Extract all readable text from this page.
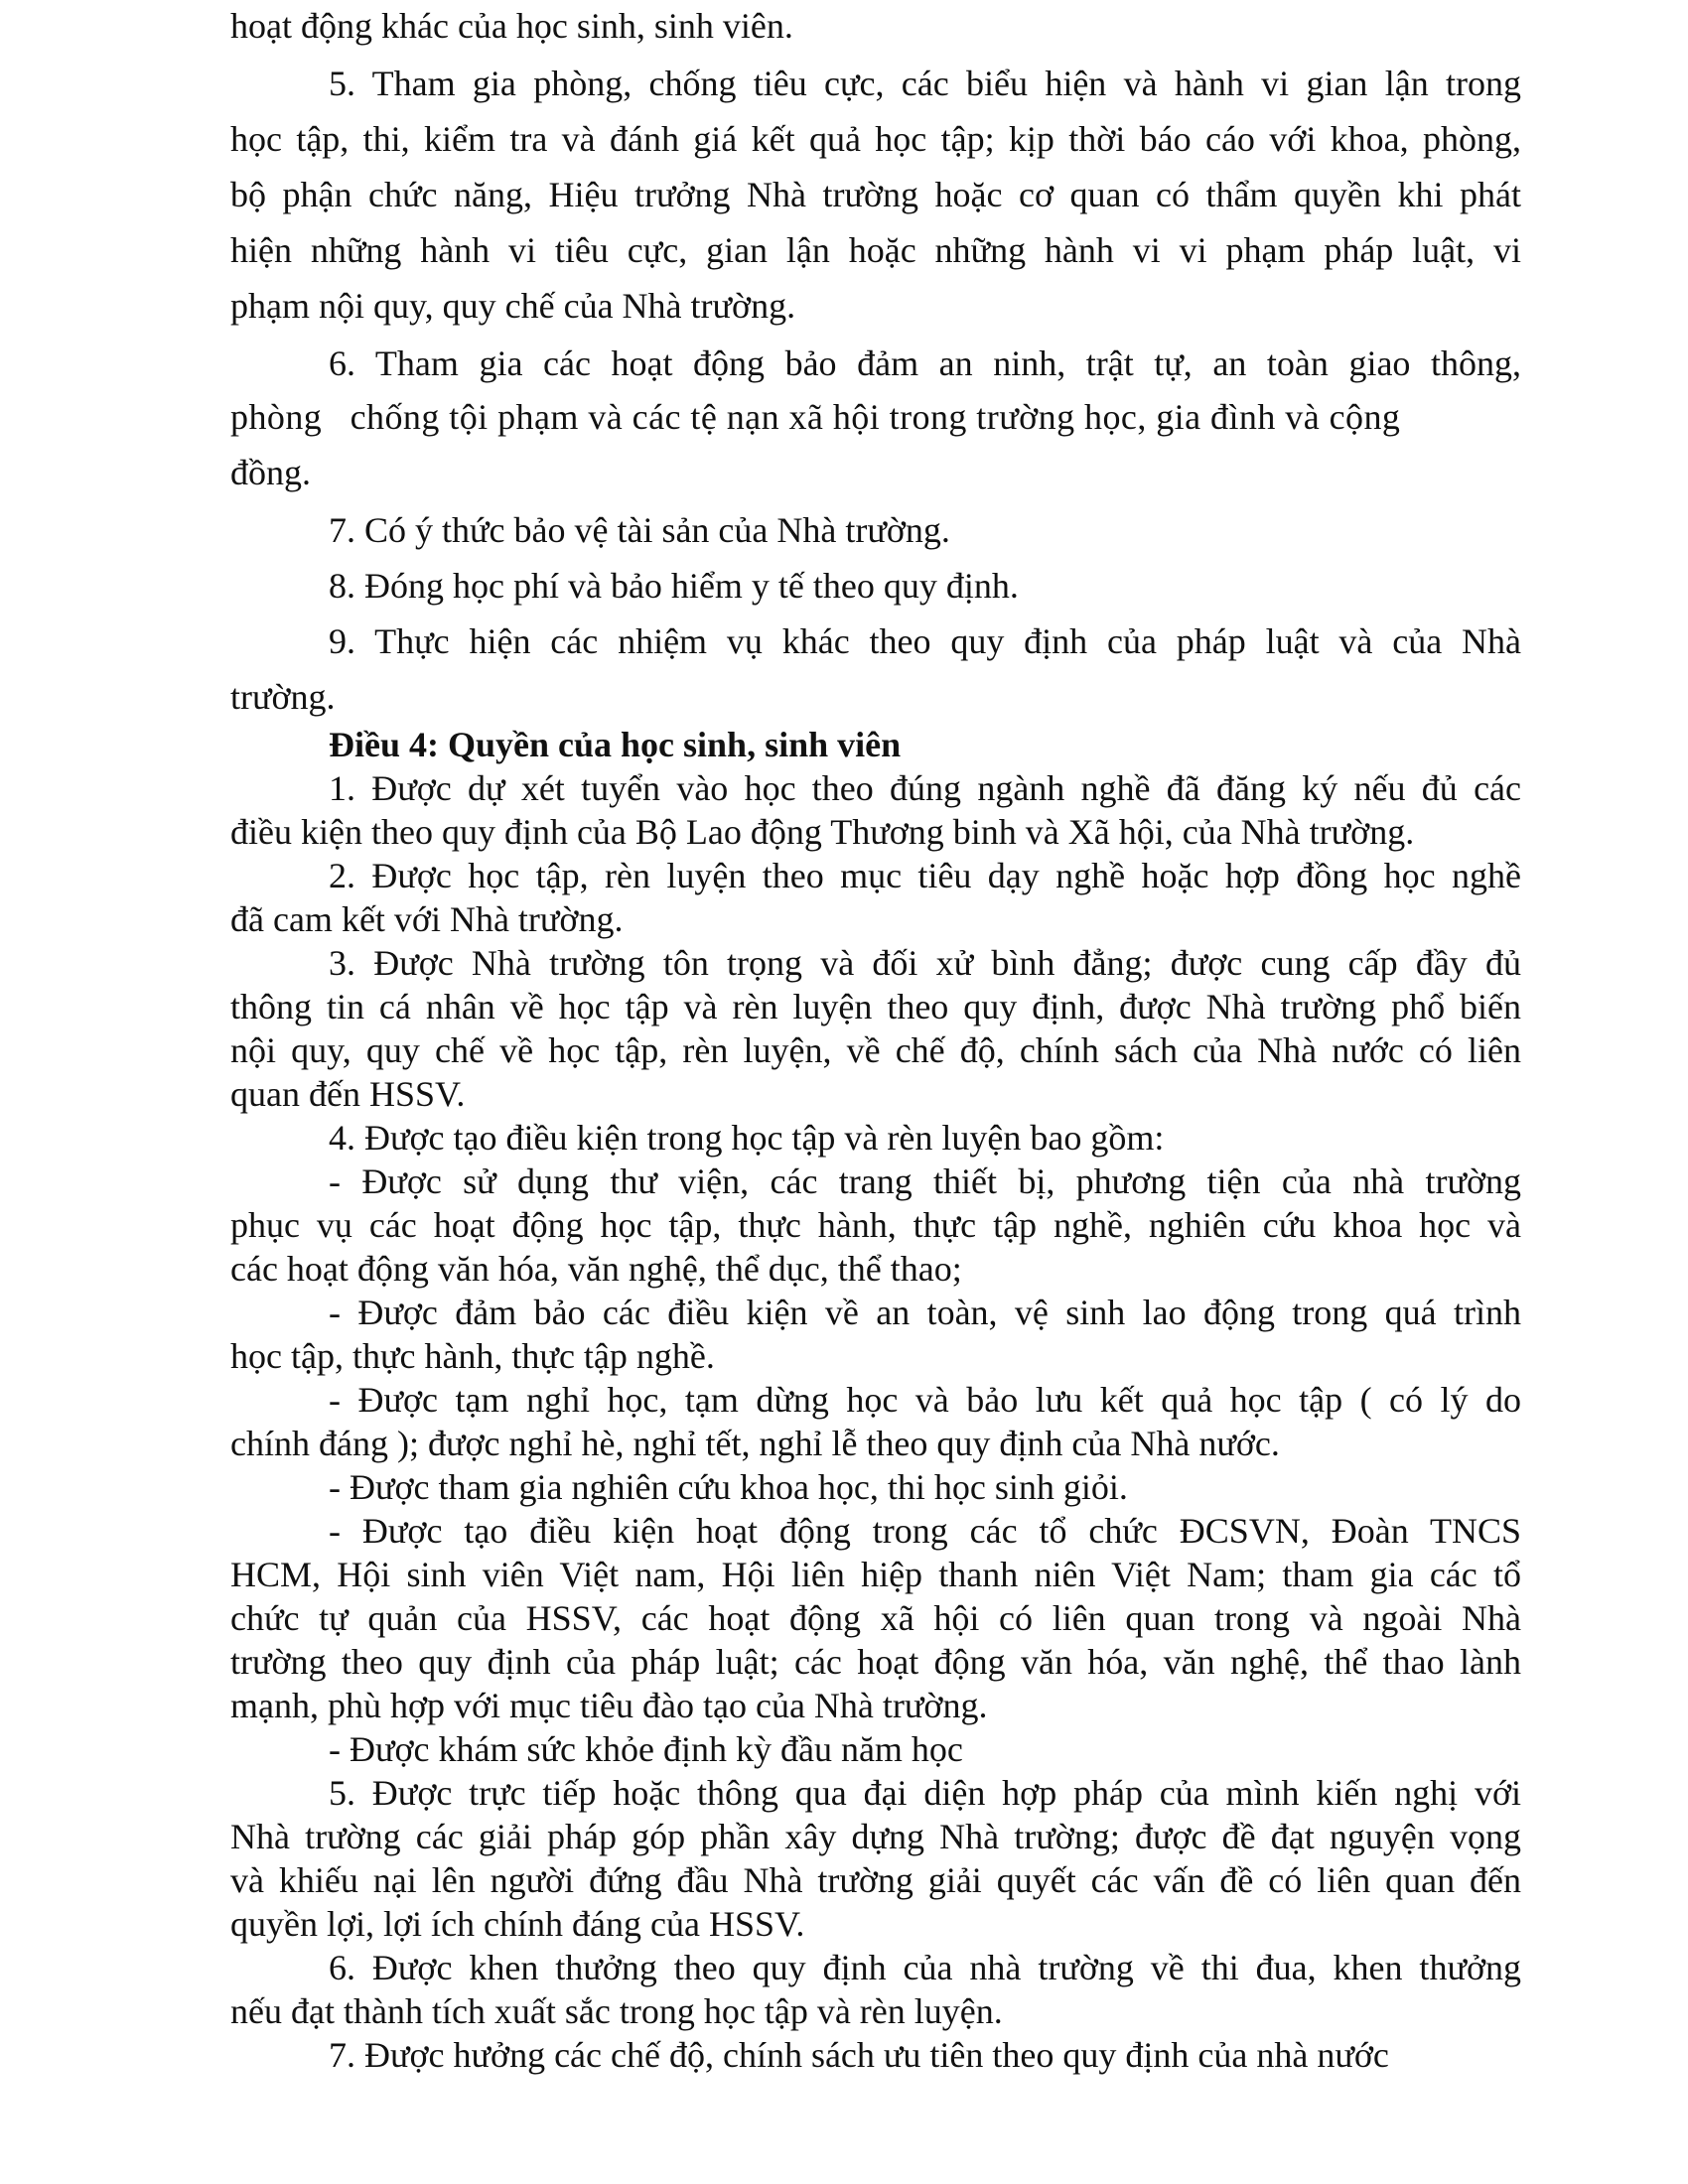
hoạt động khác của học sinh, sinh viên.

5. Tham gia phòng, chống tiêu cực, các biểu hiện và hành vi gian lận trong

học tập, thi, kiểm tra và đánh giá kết quả học tập; kịp thời báo cáo với khoa, phòng,

bộ phận chức năng, Hiệu trưởng Nhà trường hoặc cơ quan có thẩm quyền khi phát

hiện những hành vi tiêu cực, gian lận hoặc những hành vi vi phạm pháp luật, vi

phạm nội quy, quy chế của Nhà trường.

6. Tham gia các hoạt động bảo đảm an ninh, trật tự, an toàn giao thông,

phòng   chống tội phạm và các tệ nạn xã hội trong trường học, gia đình và cộng

đồng.

7. Có ý thức bảo vệ tài sản của Nhà trường.

8. Đóng học phí và bảo hiểm y tế theo quy định.

9. Thực hiện các nhiệm vụ khác theo quy định của pháp luật và của Nhà

trường.

Điều 4: Quyền của học sinh, sinh viên

1. Được dự xét tuyển vào học theo đúng ngành nghề đã đăng ký nếu đủ các

điều kiện theo quy định của Bộ Lao động Thương binh và Xã hội, của Nhà trường.

2. Được học tập, rèn luyện theo mục tiêu dạy nghề hoặc hợp đồng học nghề

đã cam kết với Nhà trường.

3. Được Nhà trường tôn trọng và đối xử bình đẳng; được cung cấp đầy đủ

thông tin cá nhân về học tập và rèn luyện theo quy định, được Nhà trường phổ biến

nội quy, quy chế về học tập, rèn luyện, về chế độ, chính sách của Nhà nước có liên

quan đến HSSV.

4. Được tạo điều kiện trong học tập và rèn luyện bao gồm:

- Được sử dụng thư viện, các trang thiết bị, phương tiện của nhà trường

phục vụ các hoạt động học tập, thực hành, thực tập nghề, nghiên cứu khoa học và

các hoạt động văn hóa, văn nghệ, thể dục, thể thao;

- Được đảm bảo các điều kiện về an toàn, vệ sinh lao động trong quá trình

học tập, thực hành, thực tập nghề.

- Được tạm nghỉ học, tạm dừng học và bảo lưu kết quả học tập ( có lý do

chính đáng ); được nghỉ hè, nghỉ tết, nghỉ lễ theo quy định của Nhà nước.

- Được tham gia nghiên cứu khoa học, thi học sinh giỏi.

- Được tạo điều kiện hoạt động trong các tổ chức ĐCSVN, Đoàn TNCS

HCM, Hội sinh viên Việt nam, Hội liên hiệp thanh niên Việt Nam; tham gia các tổ

chức tự quản của HSSV, các hoạt động xã hội có liên quan trong và ngoài Nhà

trường theo quy định của pháp luật; các hoạt động văn hóa, văn nghệ, thể thao lành

mạnh, phù hợp với mục tiêu đào tạo của Nhà trường.

- Được khám sức khỏe định kỳ đầu năm học

5. Được trực tiếp hoặc thông qua đại diện hợp pháp của mình kiến nghị với

Nhà trường các giải pháp góp phần xây dựng Nhà trường; được đề đạt nguyện vọng

và khiếu nại lên người đứng đầu Nhà trường giải quyết các vấn đề có liên quan đến

quyền lợi, lợi ích chính đáng của HSSV.

6. Được khen thưởng theo quy định của nhà trường về thi đua, khen thưởng

nếu đạt thành tích xuất sắc trong học tập và rèn luyện.

7. Được hưởng các chế độ, chính sách ưu tiên theo quy định của nhà nước
